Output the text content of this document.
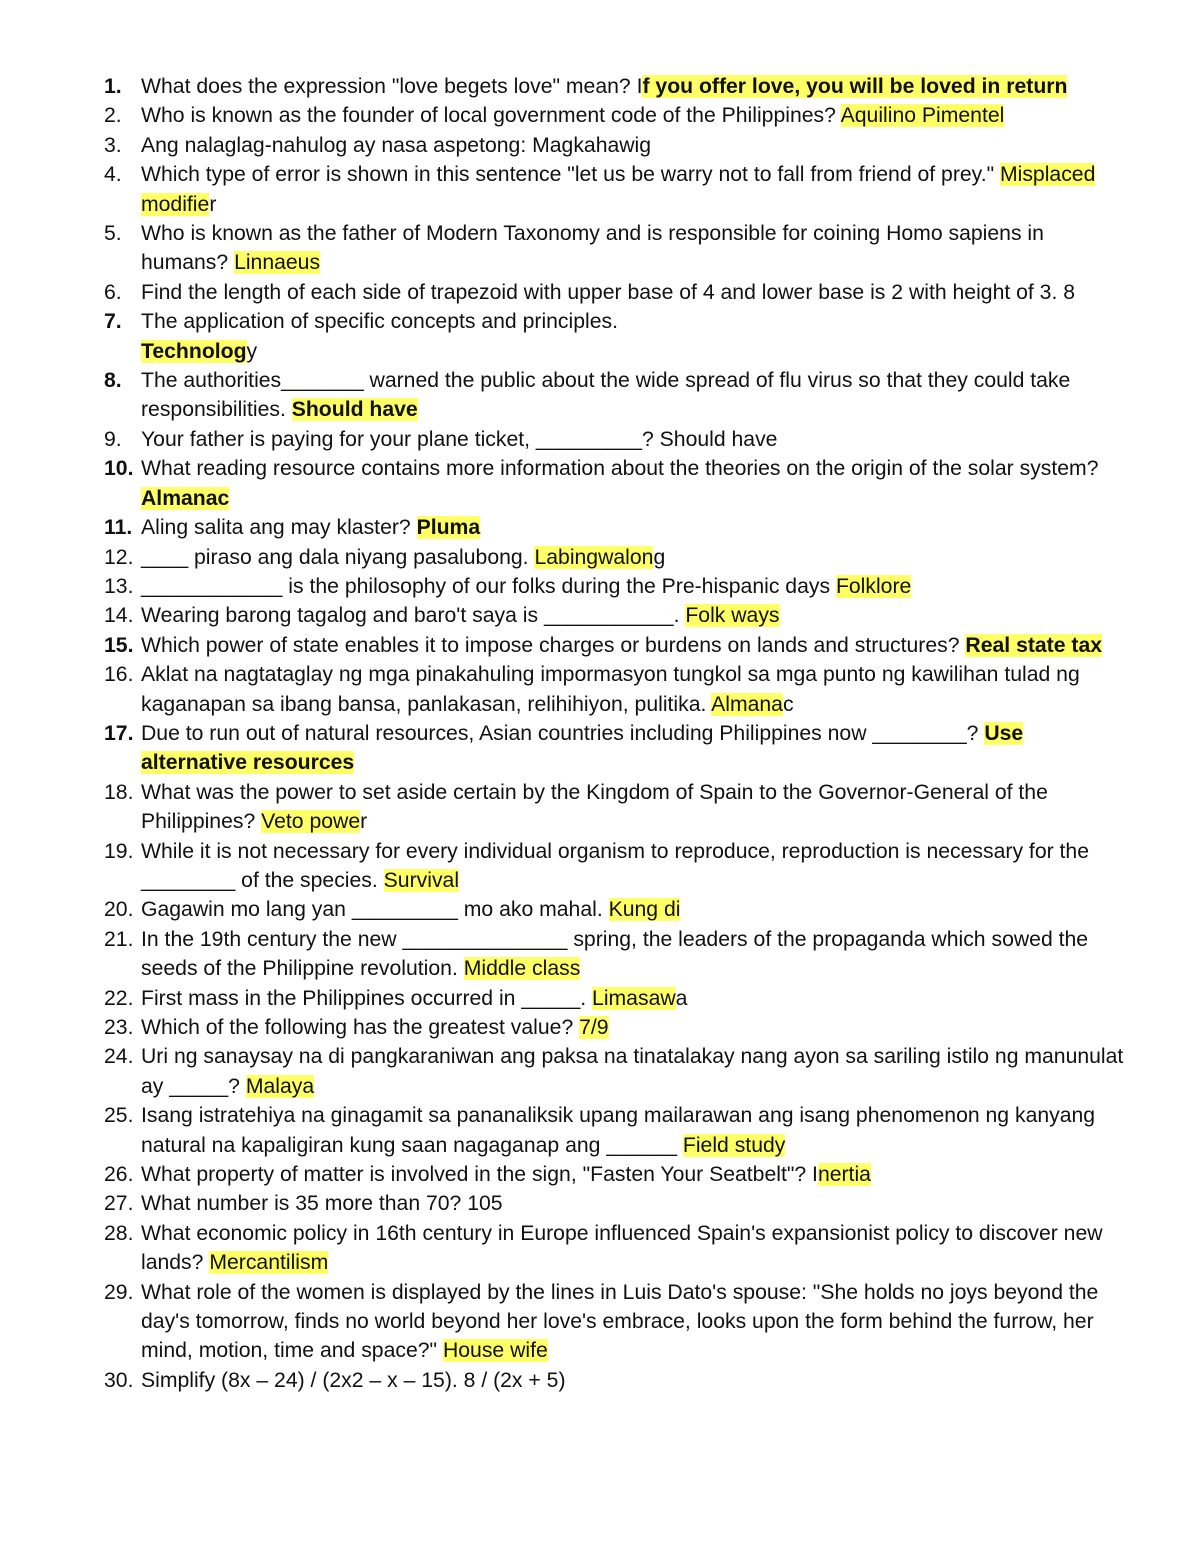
1. What does the expression "love begets love" mean? If you offer love, you will be loved in return
2. Who is known as the founder of local government code of the Philippines? Aquilino Pimentel
3. Ang nalaglag-nahulog ay nasa aspetong: Magkahawig
4. Which type of error is shown in this sentence "let us be warry not to fall from friend of prey." Misplaced modifier
5. Who is known as the father of Modern Taxonomy and is responsible for coining Homo sapiens in humans? Linnaeus
6. Find the length of each side of trapezoid with upper base of 4 and lower base is 2 with height of 3. 8
7. The application of specific concepts and principles.
Technology
8. The authorities_______ warned the public about the wide spread of flu virus so that they could take responsibilities. Should have
9. Your father is paying for your plane ticket, _________? Should have
10. What reading resource contains more information about the theories on the origin of the solar system? Almanac
11. Aling salita ang may klaster? Pluma
12. ____ piraso ang dala niyang pasalubong. Labingwalong
13. ____________ is the philosophy of our folks during the Pre-hispanic days Folklore
14. Wearing barong tagalog and baro't saya is ___________. Folk ways
15. Which power of state enables it to impose charges or burdens on lands and structures? Real state tax
16. Aklat na nagtataglay ng mga pinakahuling impormasyon tungkol sa mga punto ng kawilihan tulad ng kaganapan sa ibang bansa, panlakasan, relihihiyon, pulitika. Almanac
17. Due to run out of natural resources, Asian countries including Philippines now ________? Use alternative resources
18. What was the power to set aside certain by the Kingdom of Spain to the Governor-General of the Philippines? Veto power
19. While it is not necessary for every individual organism to reproduce, reproduction is necessary for the ________ of the species. Survival
20. Gagawin mo lang yan _________ mo ako mahal. Kung di
21. In the 19th century the new ______________ spring, the leaders of the propaganda which sowed the seeds of the Philippine revolution. Middle class
22. First mass in the Philippines occurred in _____. Limasawa
23. Which of the following has the greatest value? 7/9
24. Uri ng sanaysay na di pangkaraniwan ang paksa na tinatalakay nang ayon sa sariling istilo ng manunulat ay _____? Malaya
25. Isang istratehiya na ginagamit sa pananaliksik upang mailarawan ang isang phenomenon ng kanyang natural na kapaligiran kung saan nagaganap ang ______ Field study
26. What property of matter is involved in the sign, "Fasten Your Seatbelt"? Inertia
27. What number is 35 more than 70? 105
28. What economic policy in 16th century in Europe influenced Spain's expansionist policy to discover new lands? Mercantilism
29. What role of the women is displayed by the lines in Luis Dato's spouse: "She holds no joys beyond the day's tomorrow, finds no world beyond her love's embrace, looks upon the form behind the furrow, her mind, motion, time and space?" House wife
30. Simplify (8x – 24) / (2x2 – x – 15). 8 / (2x + 5)
